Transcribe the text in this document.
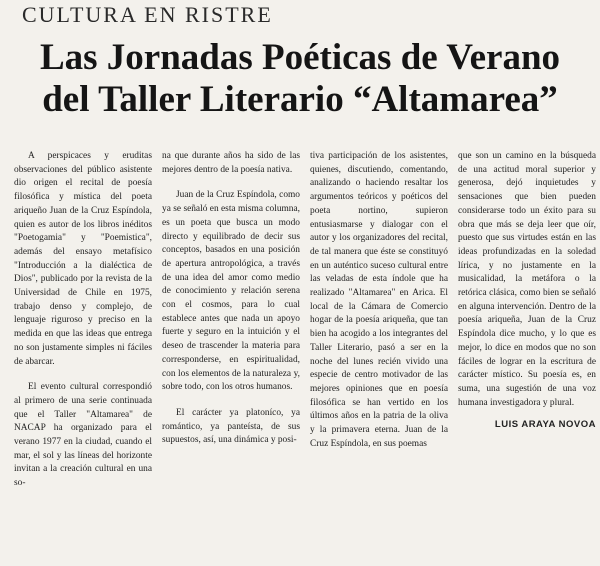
CULTURA EN RISTRE
Las Jornadas Poéticas de Verano
del Taller Literario “Altamarea”

A perspicaces y eruditas observaciones del público asistente dio origen el recital de poesía filosófica y mística del poeta ariqueño Juan de la Cruz Espíndola, quien es autor de los libros inéditos "Poetogamia" y "Poemistica", además del ensayo metafísico "Introducción a la dialéctica de Dios", publicado por la revista de la Universidad de Chile en 1975, trabajo denso y complejo, de lenguaje riguroso y preciso en la medida en que las ideas que entrega no son justamente simples ni fáciles de abarcar.

El evento cultural correspondió al primero de una serie continuada que el Taller "Altamarea" de NACAP ha organizado para el verano 1977 en la ciudad, cuando el mar, el sol y las líneas del horizonte invitan a la creación cultural en una so-

na que durante años ha sido de las mejores dentro de la poesía nativa.

Juan de la Cruz Espíndola, como ya se señaló en esta misma columna, es un poeta que busca un modo directo y equilibrado de decir sus conceptos, basados en una posición de apertura antropológica, a través de una idea del amor como medio de conocimiento y relación serena con el cosmos, para lo cual establece antes que nada un apoyo fuerte y seguro en la intuición y el deseo de trascender la materia para corresponderse, en espiritualidad, con los elementos de la naturaleza y, sobre todo, con los otros humanos.

El carácter ya platoníco, ya romántico, ya panteísta, de sus supuestos, así, una dinámica y posi-

tiva participación de los asistentes, quienes, discutiendo, comentando, analizando o haciendo resaltar los argumentos teóricos y poéticos del poeta nortino, supieron entusiasmarse y dialogar con el autor y los organizadores del recital, de tal manera que éste se constituyó en un auténtico suceso cultural entre las veladas de esta índole que ha realizado "Altamarea" en Arica. El local de la Cámara de Comercio hogar de la poesía ariqueña, que tan bien ha acogido a los integrantes del Taller Literario, pasó a ser en la noche del lunes recién vivido una especie de centro motivador de las mejores opiniones que en poesía filosófica se han vertido en los últimos años en la patria de la oliva y la primavera eterna. Juan de la Cruz Espíndola, en sus poemas

que son un camino en la búsqueda de una actitud moral superior y generosa, dejó inquietudes y sensaciones que bien pueden considerarse todo un éxito para su obra que más se deja leer que oír, puesto que sus virtudes están en las ideas profundizadas en la soledad lírica, y no justamente en la musicalidad, la metáfora o la retórica clásica, como bien se señaló en alguna intervención. Dentro de la poesía ariqueña, Juan de la Cruz Espíndola dice mucho, y lo que es mejor, lo dice en modos que no son fáciles de lograr en la escritura de carácter místico. Su poesía es, en suma, una sugestión de una voz humana investigadora y plural.

LUIS ARAYA NOVOA
